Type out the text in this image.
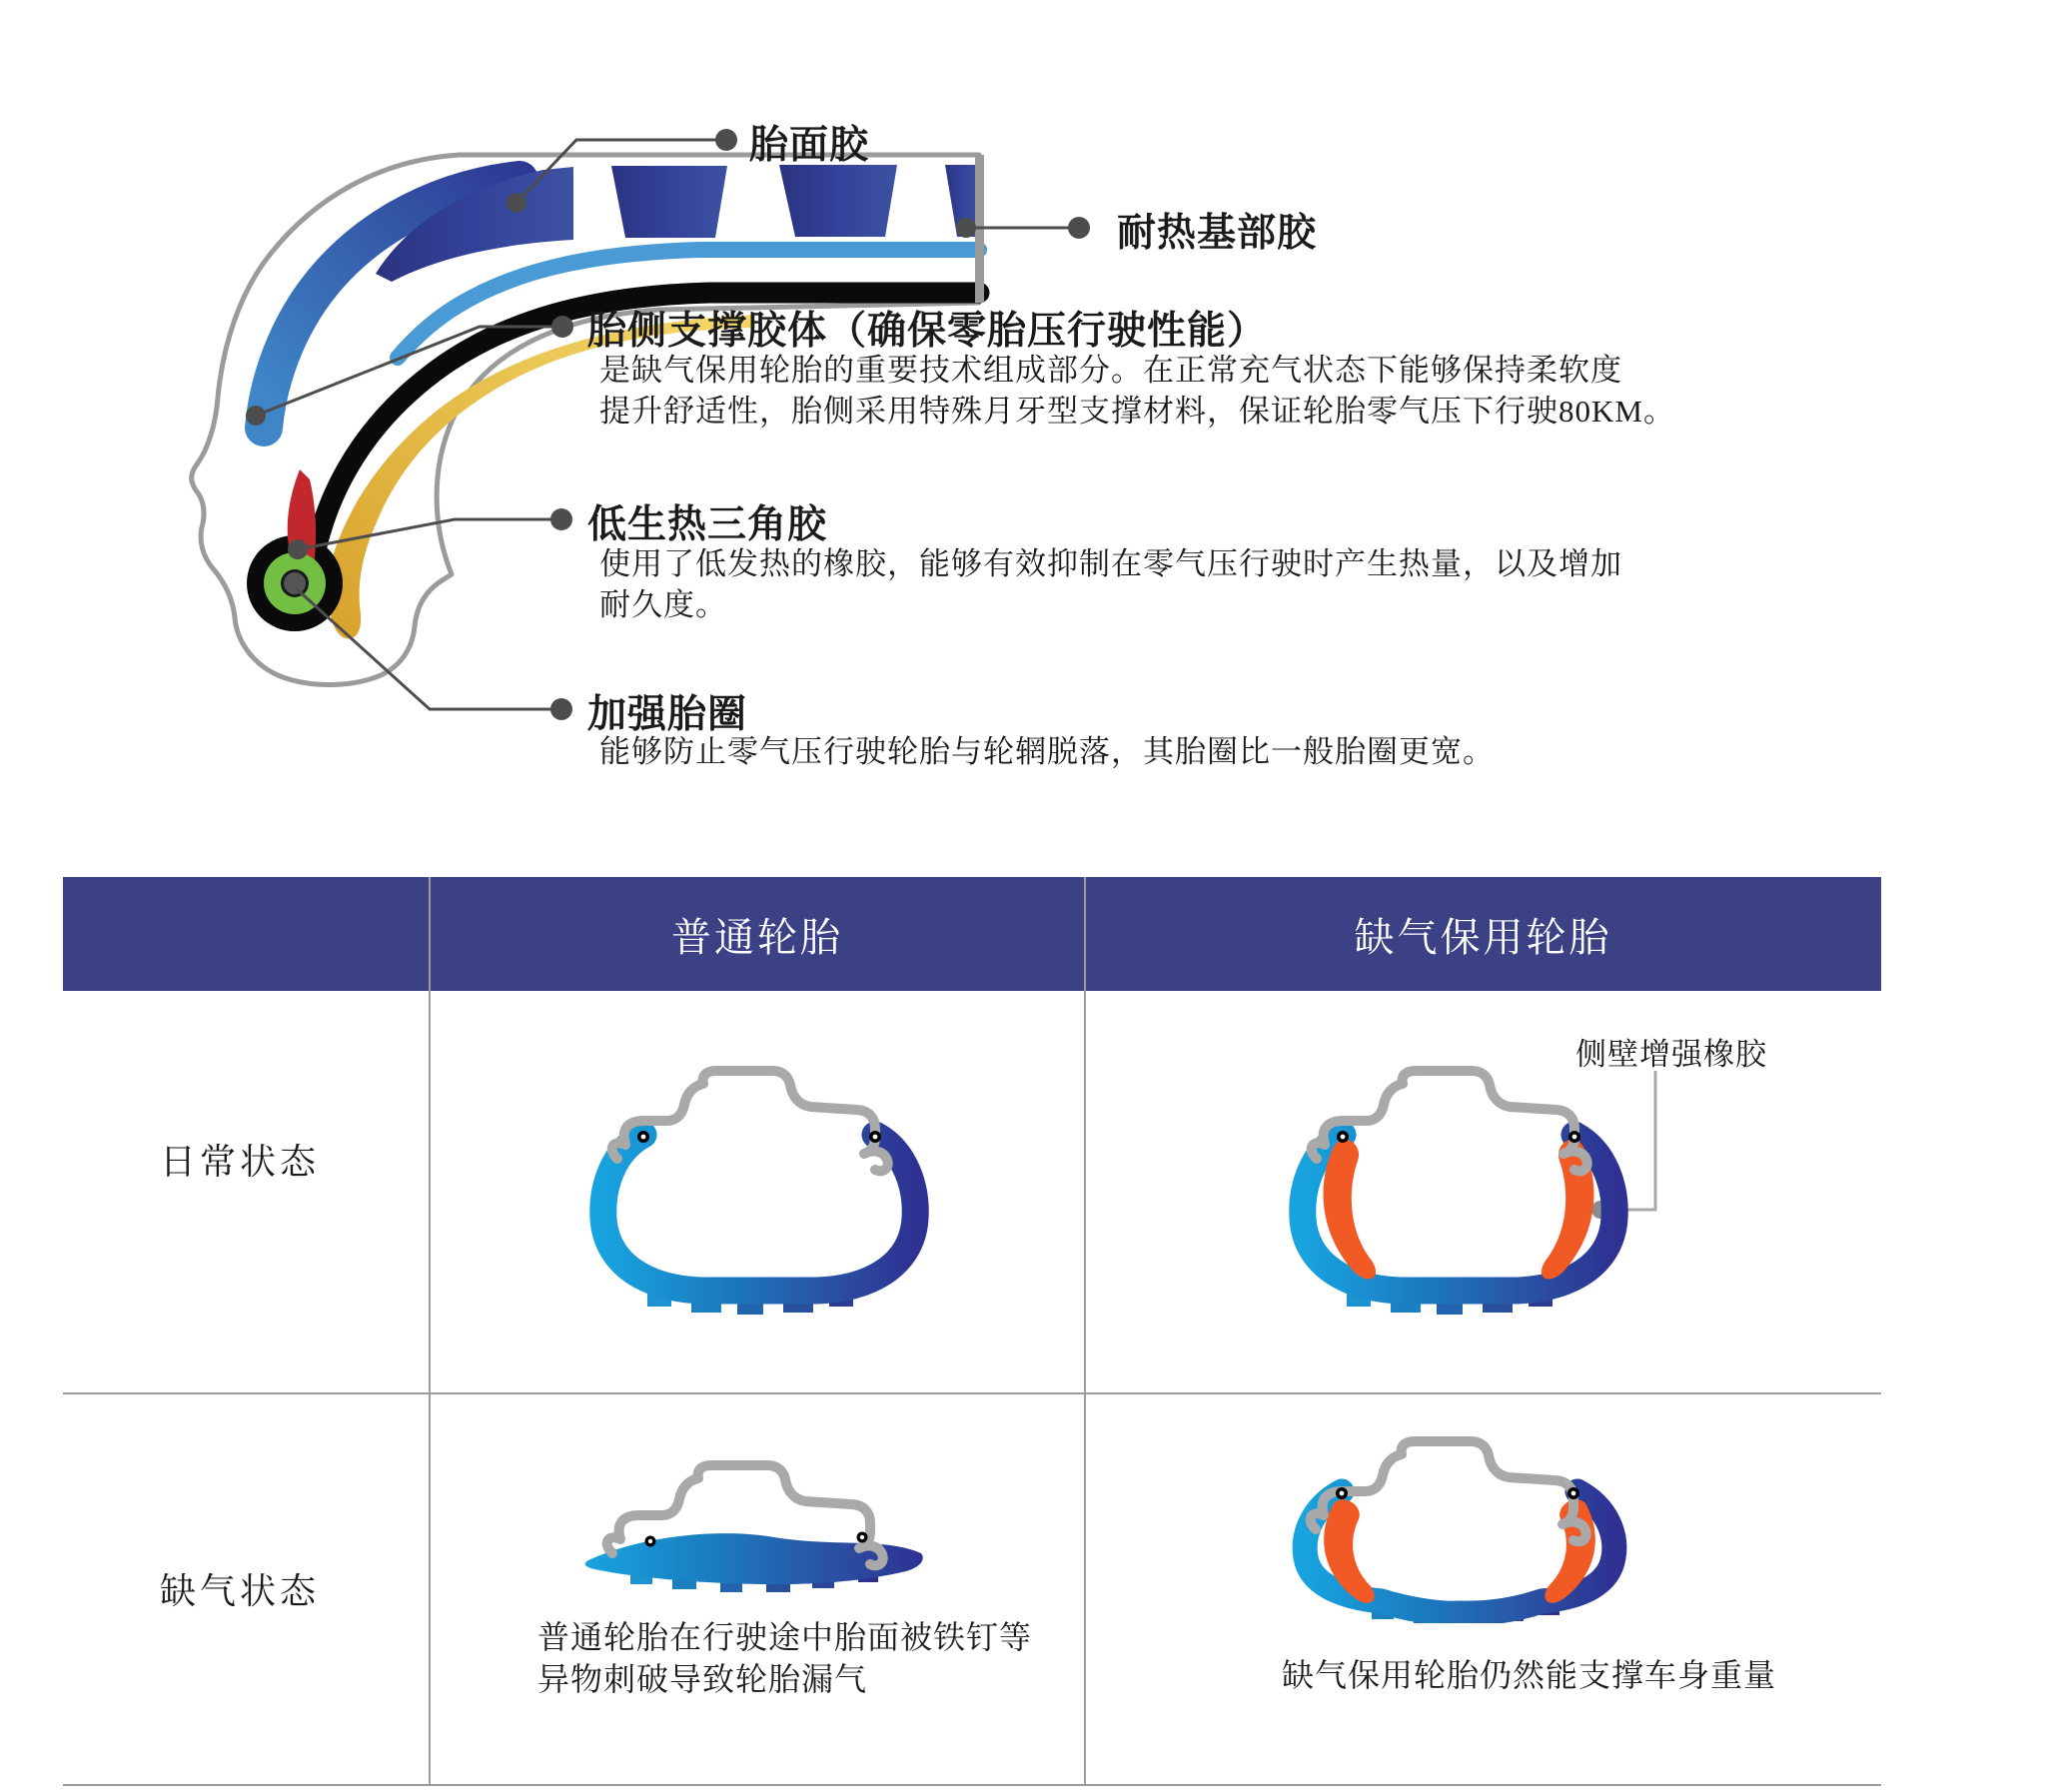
胎面胶
耐热基部胶
胎侧支撑胶体（确保零胎压行驶性能）
是缺气保用轮胎的重要技术组成部分。在正常充气状态下能够保持柔软度
提升舒适性，胎侧采用特殊月牙型支撑材料，保证轮胎零气压下行驶80KM。
低生热三角胶
使用了低发热的橡胶，能够有效抑制在零气压行驶时产生热量，以及增加
耐久度。
加强胎圈
能够防止零气压行驶轮胎与轮辋脱落，其胎圈比一般胎圈更宽。
普通轮胎	缺气保用轮胎
日常状态
缺气状态
侧壁增强橡胶
普通轮胎在行驶途中胎面被铁钉等
异物刺破导致轮胎漏气	缺气保用轮胎仍然能支撑车身重量
